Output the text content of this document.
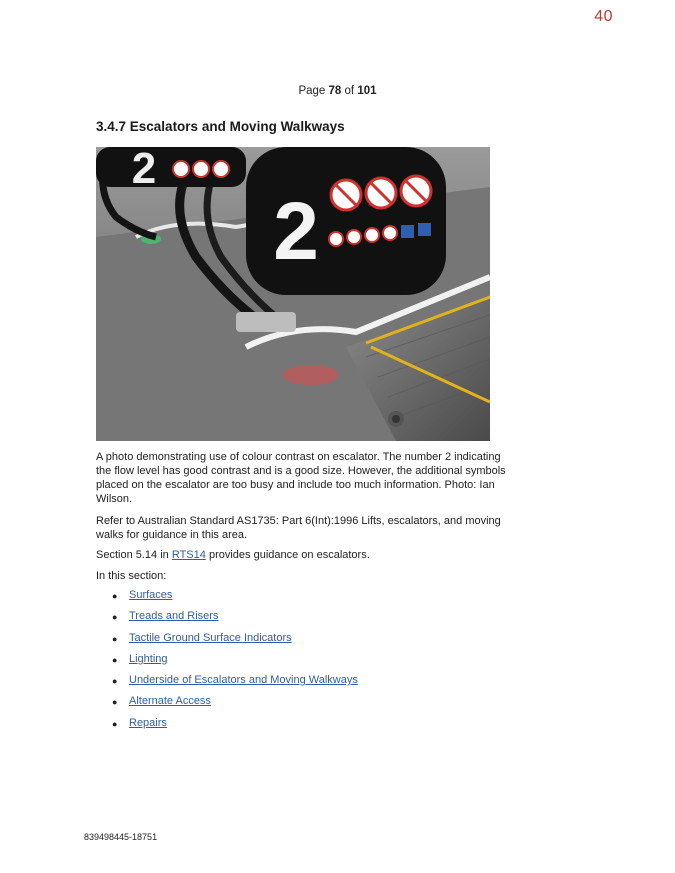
40
Page 78 of 101
3.4.7 Escalators and Moving Walkways
2
2

A photo demonstrating use of colour contrast on escalator. The number 2 indicating the flow level has good contrast and is a good size. However, the additional symbols placed on the escalator are too busy and include too much information. Photo: Ian Wilson.

Refer to Australian Standard AS1735: Part 6(Int):1996 Lifts, escalators, and moving walks for guidance in this area.

Section 5.14 in RTS14 provides guidance on escalators.

In this section:

● Surfaces
● Treads and Risers
● Tactile Ground Surface Indicators
● Lighting
● Underside of Escalators and Moving Walkways
● Alternate Access
● Repairs
839498445-18751
